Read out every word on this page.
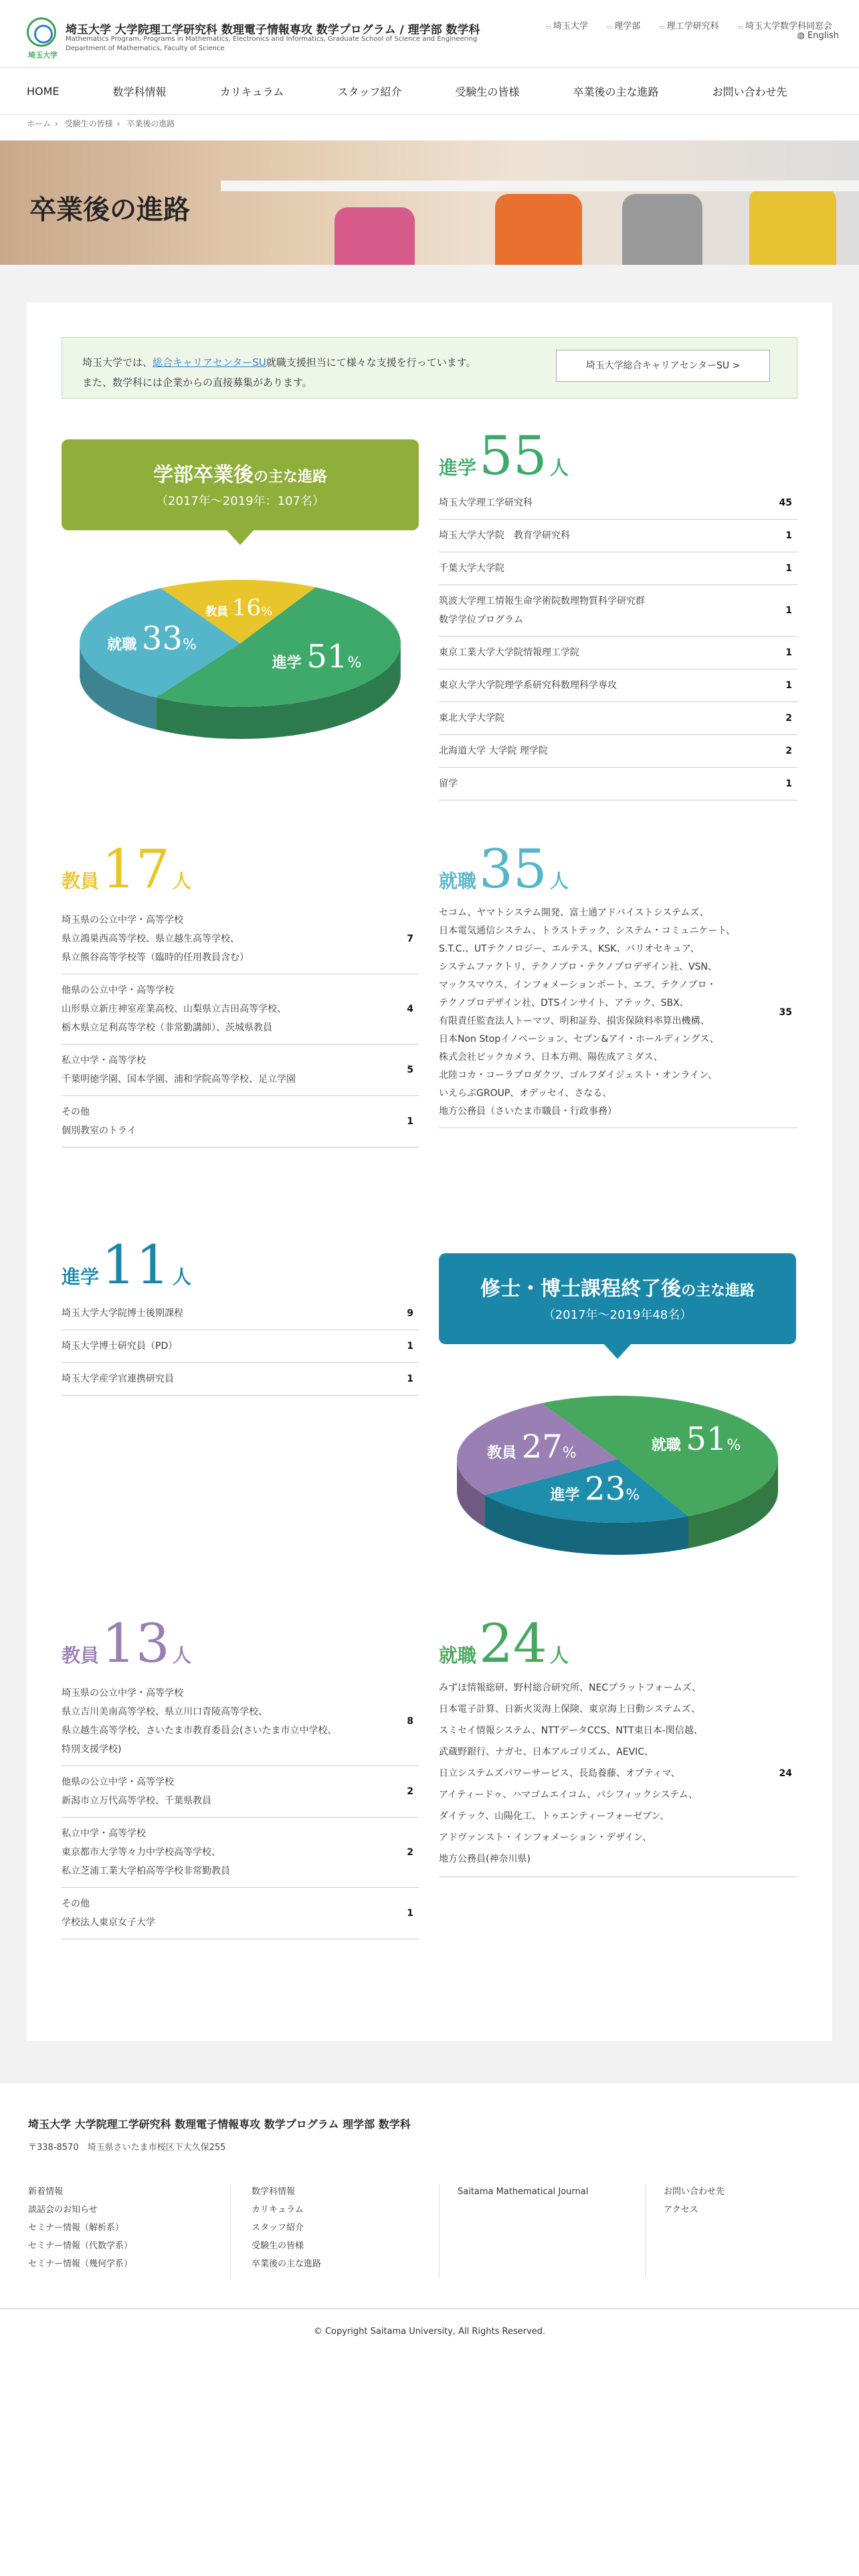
埼玉大学
埼玉大学 大学院理工学研究科 数理電子情報専攻 数学プログラム / 理学部 数学科
Mathematics Program, Programs in Mathematics, Electronics and Informatics, Graduate School of Science and Engineering
Department of Mathematics, Faculty of Science
▭ 埼玉大学	▭ 理学部	▭ 理工学研究科	▭ 埼玉大学数学科同窓会
◍ English
HOME	数学科情報	カリキュラム	スタッフ紹介	受験生の皆様	卒業後の主な進路	お問い合わせ先
ホーム › 受験生の皆様 › 卒業後の進路
卒業後の進路
埼玉大学では、総合キャリアセンターSU就職支援担当にて様々な支援を行っています。
また、数学科には企業からの直接募集があります。
埼玉大学総合キャリアセンターSU >
学部卒業後の主な進路
（2017年～2019年：107名）
進学 51%
就職 33%
教員 16%
進学 55 人
埼玉大学理工学研究科	45
埼玉大学大学院　教育学研究科	1
千葉大学大学院	1
筑波大学理工情報生命学術院数理物質科学研究群
数学学位プログラム
1
東京工業大学大学院情報理工学院	1
東京大学大学院理学系研究科数理科学専攻	1
東北大学大学院	2
北海道大学 大学院 理学院	2
留学	1
教員 17 人
埼玉県の公立中学・高等学校
県立鴻巣西高等学校、県立越生高等学校、
県立熊谷高等学校等（臨時的任用教員含む）
7
他県の公立中学・高等学校
山形県立新庄神室産業高校、山梨県立吉田高等学校、
栃木県立足利高等学校（非常勤講師）、茨城県教員
4
私立中学・高等学校
千葉明徳学園、国本学園、浦和学院高等学校、足立学園
5
その他
個別教室のトライ
1
就職 35 人
セコム、ヤマトシステム開発、富士通アドバイストシステムズ、
日本電気通信システム、トラストテック、システム・コミュニケート、
S.T.C.、UTテクノロジー、エルテス、KSK、バリオセキュア、
システムファクトリ、テクノプロ・テクノプロデザイン社、VSN、
マックスマウス、インフォメーションポート、エフ、テクノプロ・
テクノプロデザイン社、DTSインサイト、アテック、SBX、
有限責任監査法人トーマツ、明和証券、損害保険料率算出機構、
日本Non Stopイノベーション、セブン&アイ・ホールディングス、
株式会社ビックカメラ、日本方朔、陽佐成アミダス、
北陸コカ・コーラプロダクツ、ゴルフダイジェスト・オンライン、
いえらぶGROUP、オデッセイ、さなる、
地方公務員（さいたま市職員・行政事務）
35
進学 11 人
埼玉大学大学院博士後期課程	9
埼玉大学博士研究員（PD）	1
埼玉大学産学官連携研究員	1
修士・博士課程終了後の主な進路
（2017年～2019年48名）
就職 51%
進学 23%
教員 27%
教員 13 人
埼玉県の公立中学・高等学校
県立吉川美南高等学校、県立川口青陵高等学校、
県立越生高等学校、さいたま市教育委員会(さいたま市立中学校、
特別支援学校)
8
他県の公立中学・高等学校
新潟市立万代高等学校、千葉県教員
2
私立中学・高等学校
東京都市大学等々力中学校高等学校、
私立芝浦工業大学柏高等学校非常勤教員
2
その他
学校法人東京女子大学
1
就職 24 人
みずほ情報総研、野村総合研究所、NECプラットフォームズ、
日本電子計算、日新火災海上保険、東京海上日動システムズ、
スミセイ情報システム、NTTデータCCS、NTT東日本-関信越、
武蔵野銀行、ナガセ、日本アルゴリズム、AEVIC、
日立システムズパワーサービス、長島養藤、オプティマ、
アイティードゥ、ハマゴムエイコム、パシフィックシステム、
ダイテック、山陽化工、トゥエンティーフォーゼブン、
アドヴァンスト・インフォメーション・デザイン、
地方公務員(神奈川県)
24
埼玉大学 大学院理工学研究科 数理電子情報専攻 数学プログラム 理学部 数学科
〒338-8570　埼玉県さいたま市桜区下大久保255
新着情報
談話会のお知らせ
セミナー情報（解析系）
セミナー情報（代数学系）
セミナー情報（幾何学系）
数学科情報
カリキュラム
スタッフ紹介
受験生の皆様
卒業後の主な進路
Saitama Mathematical Journal	お問い合わせ先
アクセス
© Copyright Saitama University, All Rights Reserved.
